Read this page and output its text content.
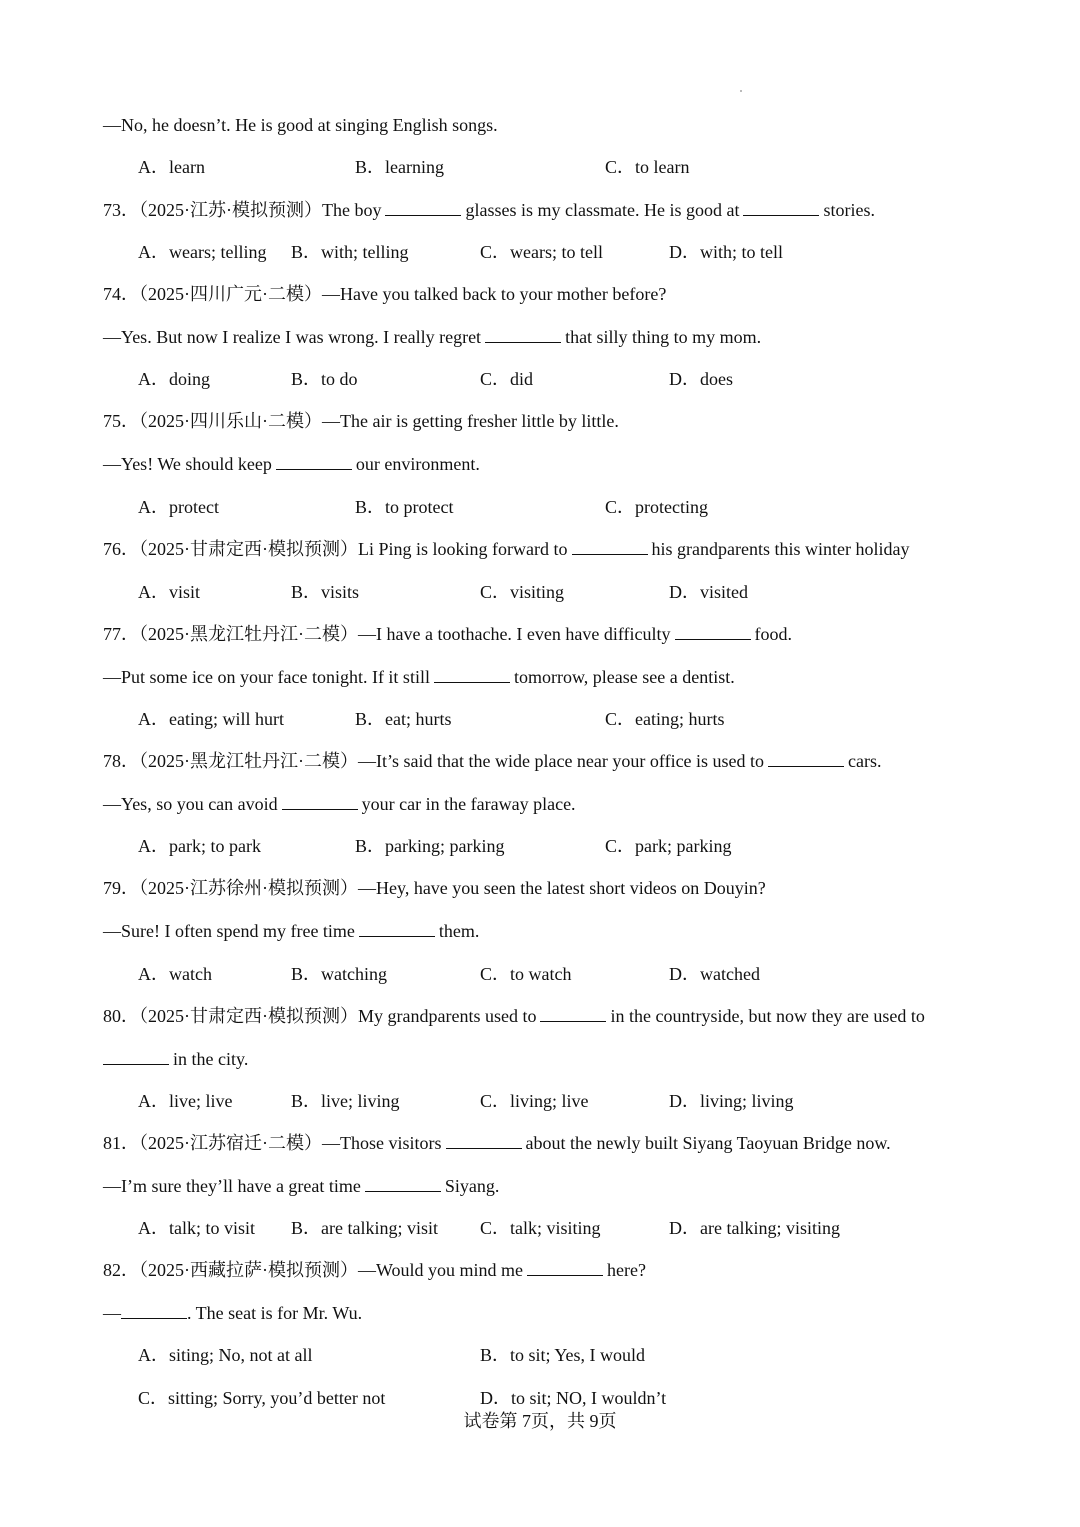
—No, he doesn’t. He is good at singing English songs.
A．learn	B．learning	C．to learn
73．（2025·江苏·模拟预测）The boy	glasses is my classmate. He is good at	stories.
A．wears; telling B．with; telling	C．wears; to tell	D．with; to tell
74．（2025·四川广元·二模）—Have you talked back to your mother before?
—Yes. But now I realize I was wrong. I really regret	that silly thing to my mom.
A．doing	B．to do	C．did	D．does
75．（2025·四川乐山·二模）—The air is getting fresher little by little.
—Yes! We should keep	our environment.
A．protect	B．to protect	C．protecting
76．（2025·甘肃定西·模拟预测）Li Ping is looking forward to	his grandparents this winter holiday
A．visit	B．visits	C．visiting	D．visited
77．（2025·黑龙江牡丹江·二模）—I have a toothache. I even have difficulty	food.
—Put some ice on your face tonight. If it still	tomorrow, please see a dentist.
A．eating; will hurt	B．eat; hurts	C．eating; hurts
78．（2025·黑龙江牡丹江·二模）—It’s said that the wide place near your office is used to	cars.
—Yes, so you can avoid	your car in the faraway place.
A．park; to park	B．parking; parking	C．park; parking
79．（2025·江苏徐州·模拟预测）—Hey, have you seen the latest short videos on Douyin?
—Sure! I often spend my free time	them.
A．watch	B．watching	C．to watch	D．watched
80．（2025·甘肃定西·模拟预测）My grandparents used to	in the countryside, but now they are used to
in the city.
A．live; live	B．live; living	C．living; live	D．living; living
81．（2025·江苏宿迁·二模）—Those visitors	about the newly built Siyang Taoyuan Bridge now.
—I’m sure they’ll have a great time	Siyang.
A．talk; to visit B．are talking; visit C．talk; visiting	D．are talking; visiting
82．（2025·西藏拉萨·模拟预测）—Would you mind me	here?
—	. The seat is for Mr. Wu.
A．siting; No, not at all	B．to sit; Yes, I would
C．sitting; Sorry, you’d better not	D．to sit; NO, I wouldn’t
试卷第 7页，共 9页
